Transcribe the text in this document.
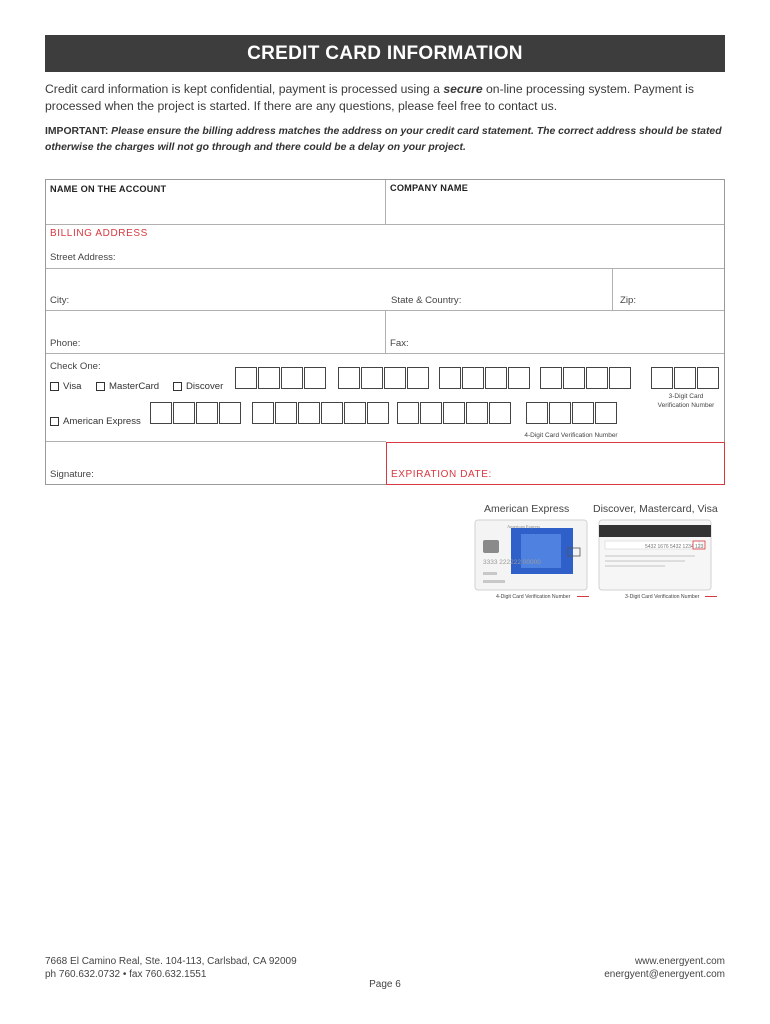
CREDIT CARD INFORMATION
Credit card information is kept confidential, payment is processed using a secure on-line processing system. Payment is processed when the project is started. If there are any questions, please feel free to contact us.
IMPORTANT: Please ensure the billing address matches the address on your credit card statement. The correct address should be stated otherwise the charges will not go through and there could be a delay on your project.
NAME ON THE ACCOUNT	COMPANY NAME
BILLING ADDRESS
Street Address:
City:	State & Country:	Zip:
Phone:	Fax:
Check One:
Visa	MasterCard	Discover
American Express
3-Digit Card
Verification Number
4-Digit Card Verification Number
Signature:	EXPIRATION DATE:
American Express Discover, Mastercard, Visa
American Express
3333 222222 00000
5432 1676 5432 1234 123
4-Digit Card Verification Number	3-Digit Card Verification Number
7668 El Camino Real, Ste. 104-113, Carlsbad, CA 92009
ph 760.632.0732 • fax 760.632.1551
www.energyent.com
energyent@energyent.com
Page 6
